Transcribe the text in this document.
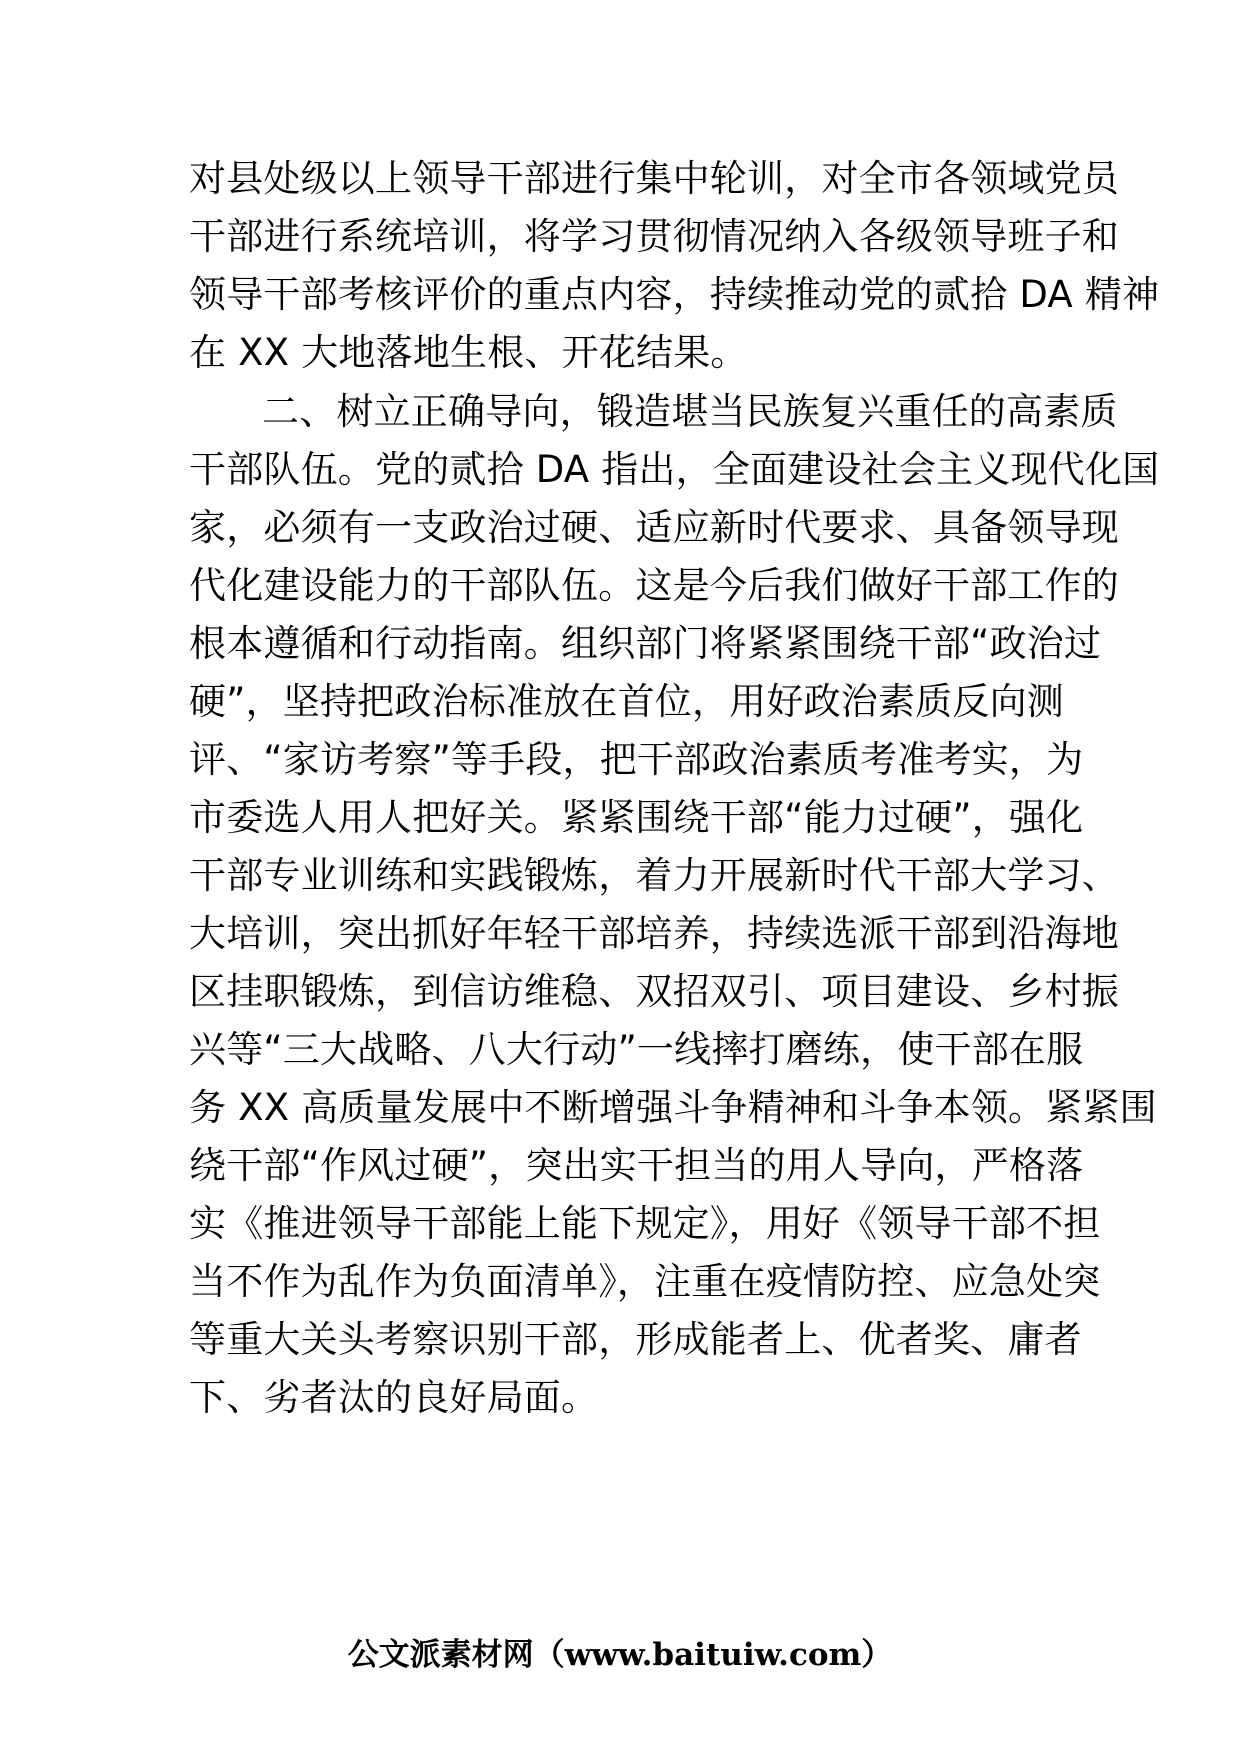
对县处级以上领导干部进行集中轮训，对全市各领域党员
干部进行系统培训，将学习贯彻情况纳入各级领导班子和
领导干部考核评价的重点内容，持续推动党的贰拾 DA 精神
在 XX 大地落地生根、开花结果。
二、树立正确导向，锻造堪当民族复兴重任的高素质
干部队伍。党的贰拾 DA 指出，全面建设社会主义现代化国
家，必须有一支政治过硬、适应新时代要求、具备领导现
代化建设能力的干部队伍。这是今后我们做好干部工作的
根本遵循和行动指南。组织部门将紧紧围绕干部“政治过
硬”，坚持把政治标准放在首位，用好政治素质反向测
评、“家访考察”等手段，把干部政治素质考准考实，为
市委选人用人把好关。紧紧围绕干部“能力过硬”，强化
干部专业训练和实践锻炼，着力开展新时代干部大学习、
大培训，突出抓好年轻干部培养，持续选派干部到沿海地
区挂职锻炼，到信访维稳、双招双引、项目建设、乡村振
兴等“三大战略、八大行动”一线摔打磨练，使干部在服
务 XX 高质量发展中不断增强斗争精神和斗争本领。紧紧围
绕干部“作风过硬”，突出实干担当的用人导向，严格落
实《推进领导干部能上能下规定》，用好《领导干部不担
当不作为乱作为负面清单》，注重在疫情防控、应急处突
等重大关头考察识别干部，形成能者上、优者奖、庸者
下、劣者汰的良好局面。
公文派素材网（www.baituiw.com）
